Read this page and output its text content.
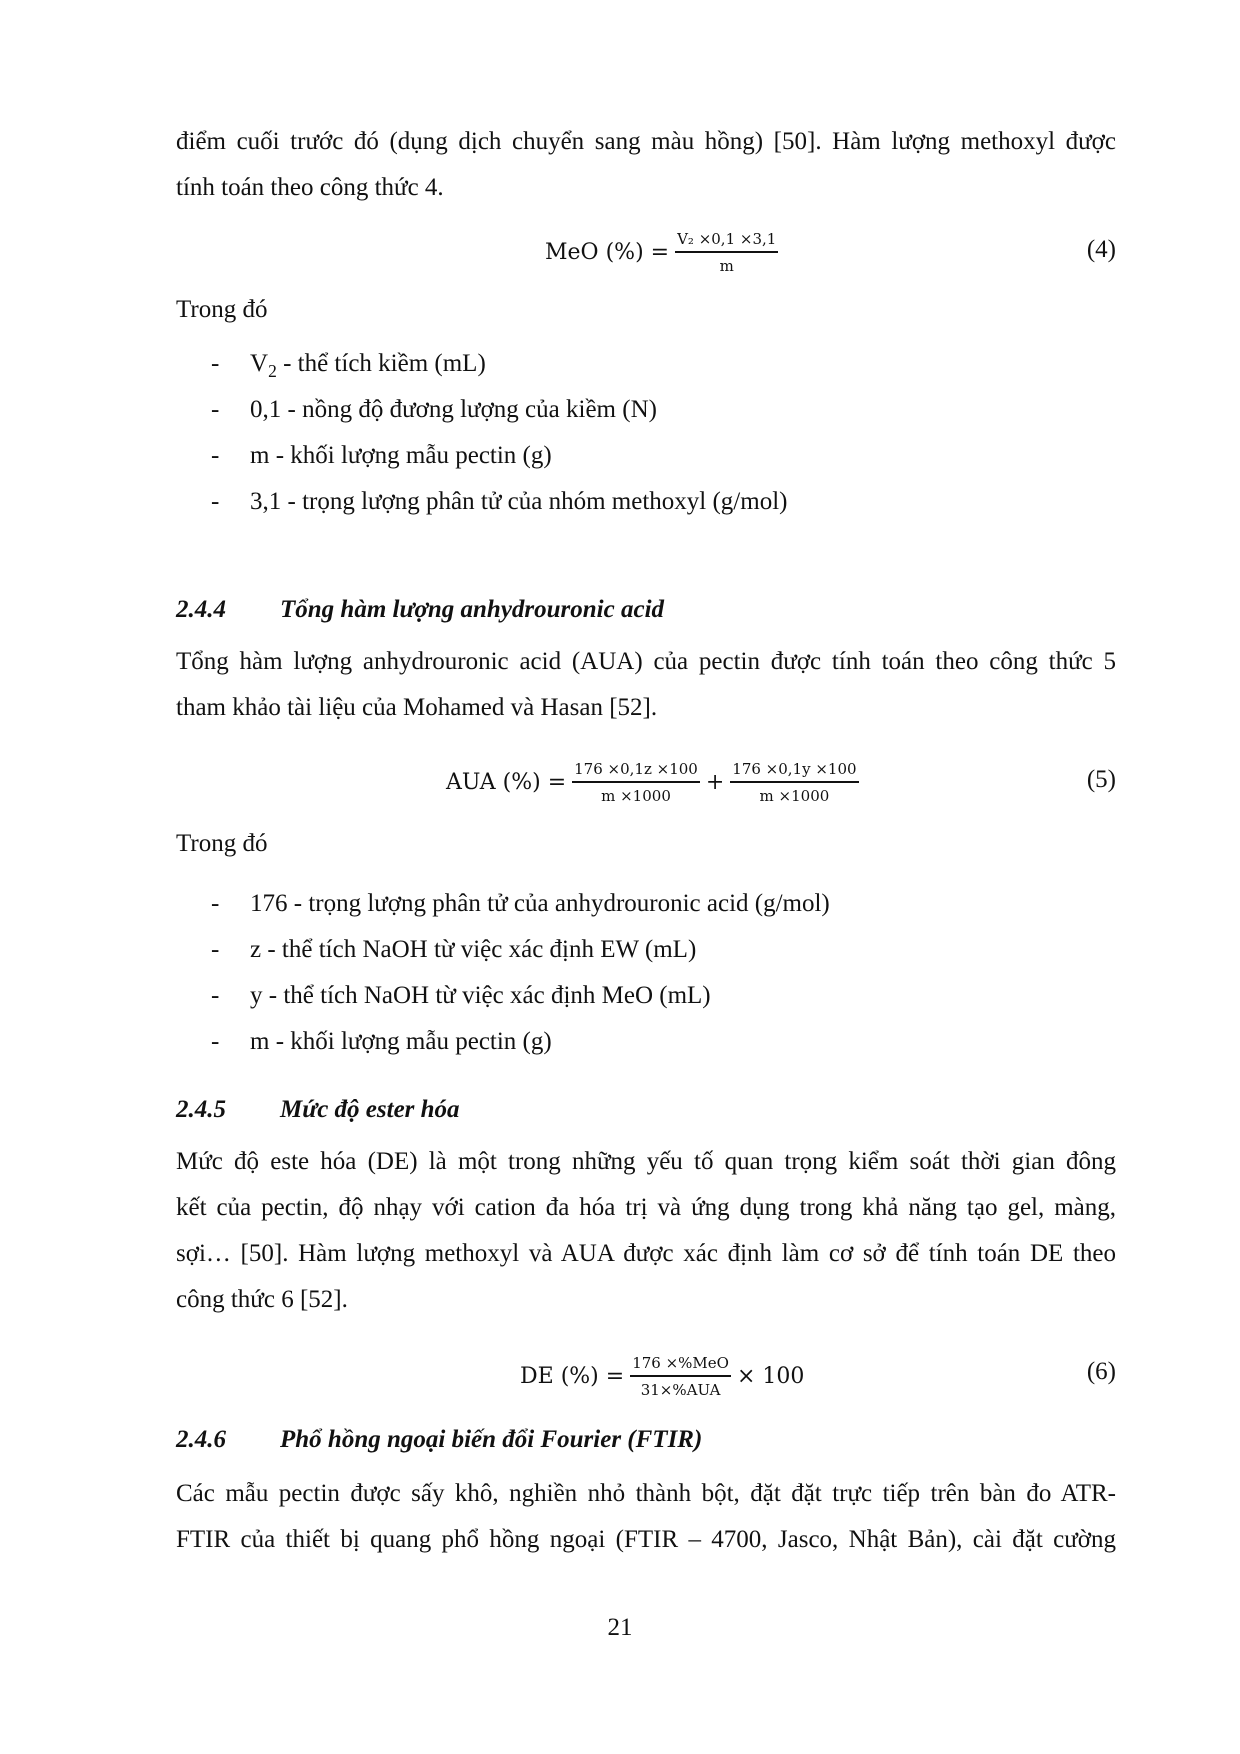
điểm cuối trước đó (dụng dịch chuyển sang màu hồng) [50]. Hàm lượng methoxyl được
tính toán theo công thức 4.
MeO (%) = $\frac{\text{V₂ ×0,1 ×3,1}}{m}$	(4)
Trong đó
- $V_2$ - thể tích kiềm (mL)
- 0,1 - nồng độ đương lượng của kiềm (N)
- m - khối lượng mẫu pectin (g)
- 3,1 - trọng lượng phân tử của nhóm methoxyl (g/mol)
2.4.4 Tổng hàm lượng anhydrouronic acid
Tổng hàm lượng anhydrouronic acid (AUA) của pectin được tính toán theo công thức 5
tham khảo tài liệu của Mohamed và Hasan [52].
AUA (%) = $\frac{176 \times 0,1z \times 100}{m \times 1000} + \frac{176 \times 0,1y \times 100}{m \times 1000}$	(5)
Trong đó
- 176 - trọng lượng phân tử của anhydrouronic acid (g/mol)
- z - thể tích NaOH từ việc xác định EW (mL)
- y - thể tích NaOH từ việc xác định MeO (mL)
- m - khối lượng mẫu pectin (g)
2.4.5 Mức độ ester hóa
Mức độ este hóa (DE) là một trong những yếu tố quan trọng kiểm soát thời gian đông
kết của pectin, độ nhạy với cation đa hóa trị và ứng dụng trong khả năng tạo gel, màng,
sợi… [50]. Hàm lượng methoxyl và AUA được xác định làm cơ sở để tính toán DE theo
công thức 6 [52].
DE (%) = $\frac{\text{176 ×\%MeO}}{\text{31×\%AUA}} \times 100$	(6)
2.4.6 Phổ hồng ngoại biến đổi Fourier (FTIR)
Các mẫu pectin được sấy khô, nghiền nhỏ thành bột, đặt đặt trực tiếp trên bàn đo ATR-
FTIR của thiết bị quang phổ hồng ngoại (FTIR – 4700, Jasco, Nhật Bản), cài đặt cường
21
